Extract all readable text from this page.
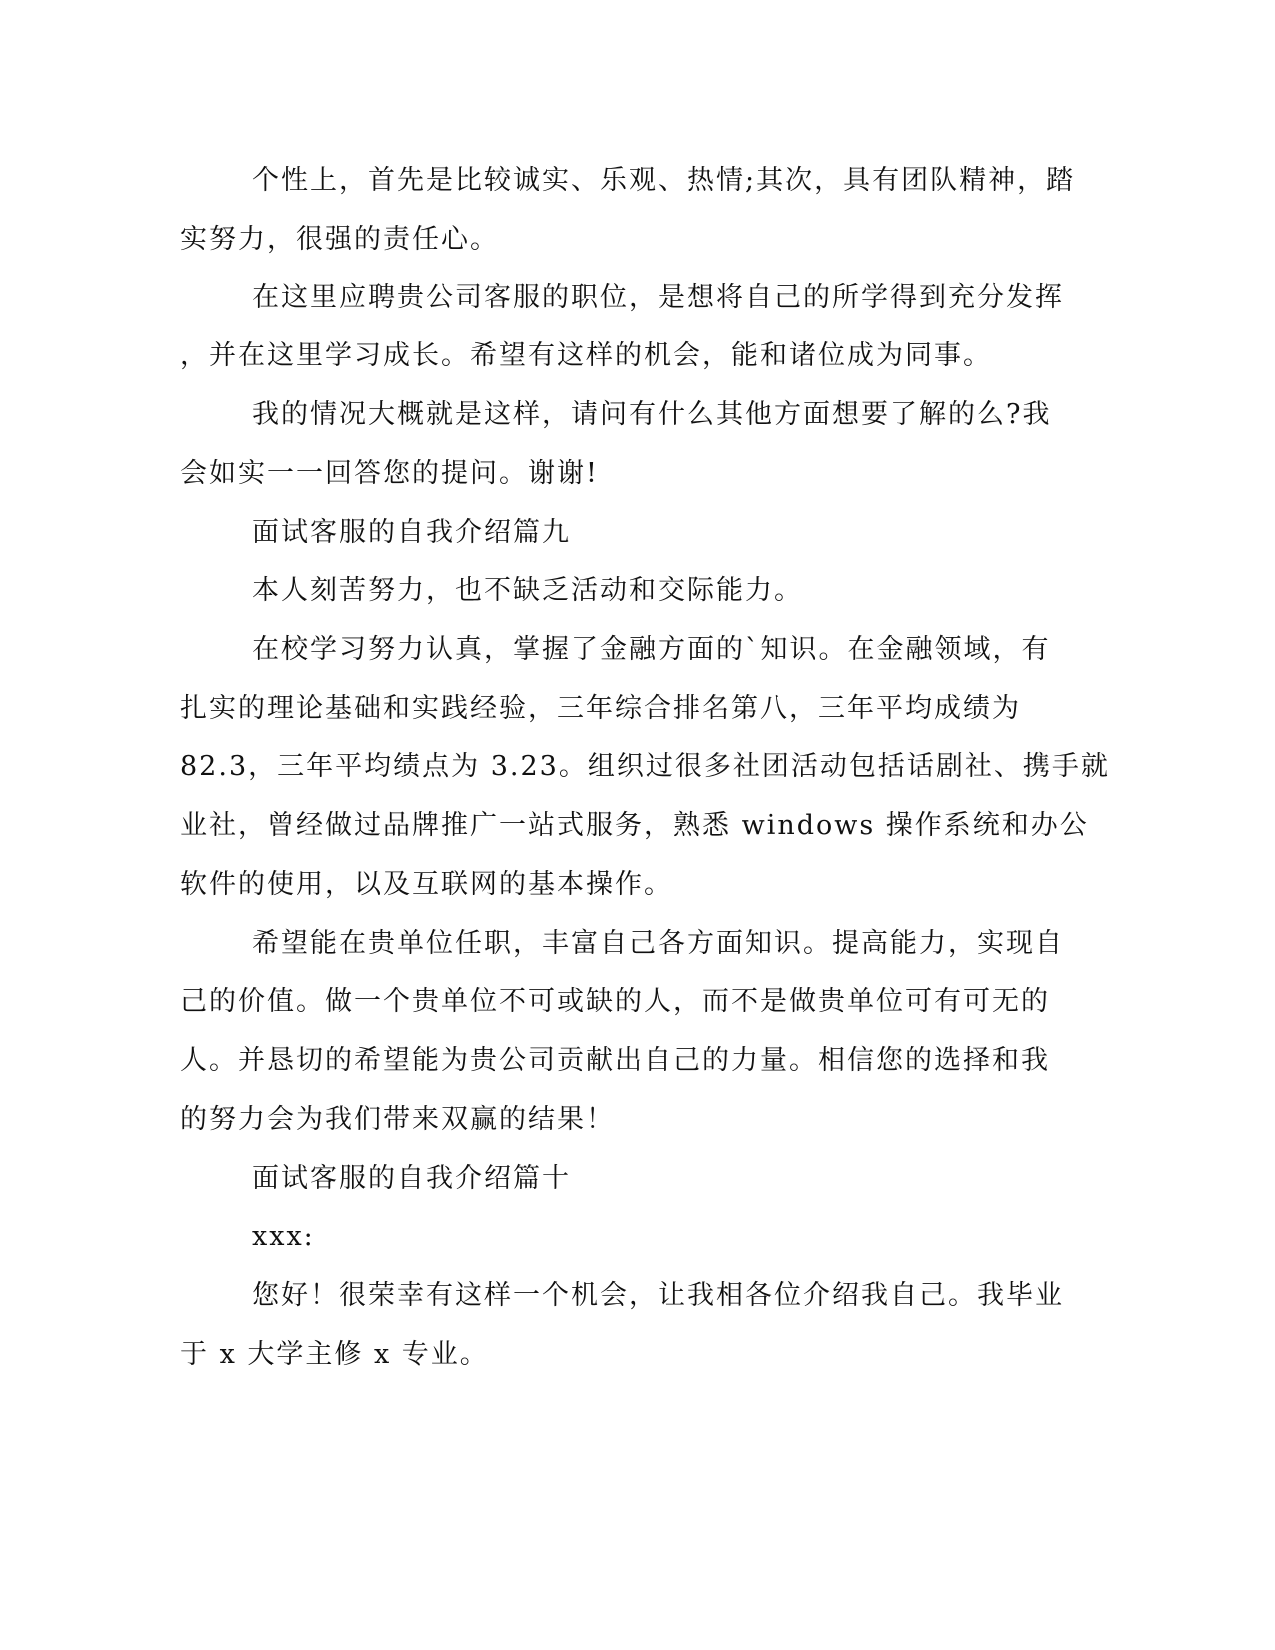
个性上，首先是比较诚实、乐观、热情;其次，具有团队精神，踏
实努力，很强的责任心。
在这里应聘贵公司客服的职位，是想将自己的所学得到充分发挥
，并在这里学习成长。希望有这样的机会，能和诸位成为同事。
我的情况大概就是这样，请问有什么其他方面想要了解的么?我
会如实一一回答您的提问。谢谢!
面试客服的自我介绍篇九
本人刻苦努力，也不缺乏活动和交际能力。
在校学习努力认真，掌握了金融方面的`知识。在金融领域，有
扎实的理论基础和实践经验，三年综合排名第八，三年平均成绩为
82.3，三年平均绩点为 3.23。组织过很多社团活动包括话剧社、携手就
业社，曾经做过品牌推广一站式服务，熟悉 windows 操作系统和办公
软件的使用，以及互联网的基本操作。
希望能在贵单位任职，丰富自己各方面知识。提高能力，实现自
己的价值。做一个贵单位不可或缺的人，而不是做贵单位可有可无的
人。并恳切的希望能为贵公司贡献出自己的力量。相信您的选择和我
的努力会为我们带来双赢的结果！
面试客服的自我介绍篇十
xxx:
您好！很荣幸有这样一个机会，让我相各位介绍我自己。我毕业
于 x 大学主修 x 专业。
